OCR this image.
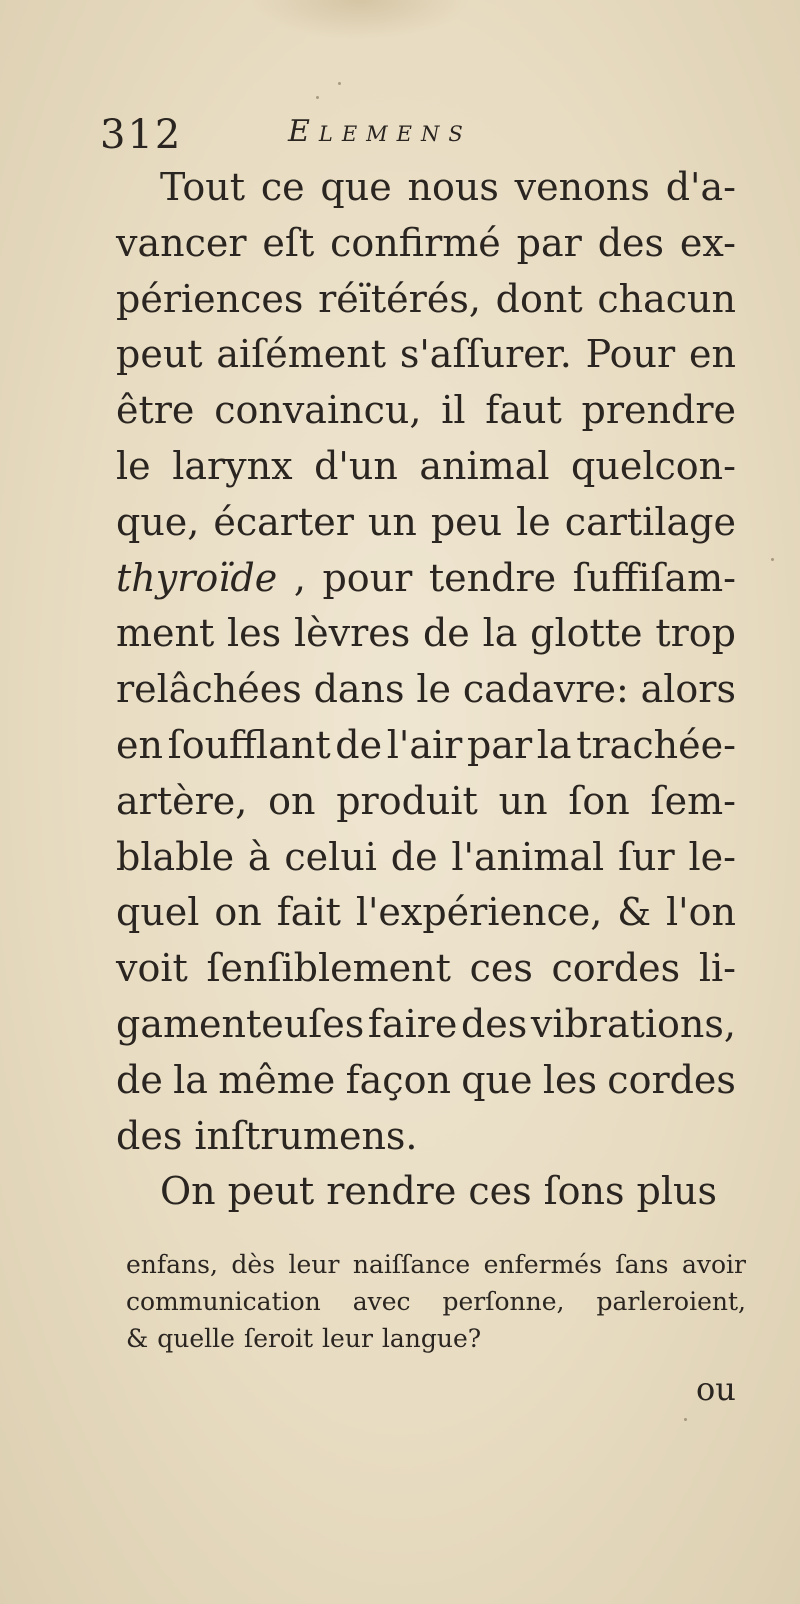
312	Elemens
Tout ce que nous venons d'a-
vancer eſt confirmé par des ex-
périences réïtérés, dont chacun
peut aiſément s'aſſurer. Pour en
être convaincu, il faut prendre
le larynx d'un animal quelcon-
que, écarter un peu le cartilage
thyroïde , pour tendre ſuffiſam-
ment les lèvres de la glotte trop
relâchées dans le cadavre: alors
en ſoufflant de l'air par la trachée-
artère, on produit un ſon ſem-
blable à celui de l'animal ſur le-
quel on fait l'expérience, & l'on
voit ſenſiblement ces cordes li-
gamenteuſes faire des vibrations,
de la même façon que les cordes
des inſtrumens.
On peut rendre ces ſons plus
enfans, dès leur naiſſance enfermés ſans avoir
communication avec perſonne, parleroient,
& quelle ſeroit leur langue?
ou
